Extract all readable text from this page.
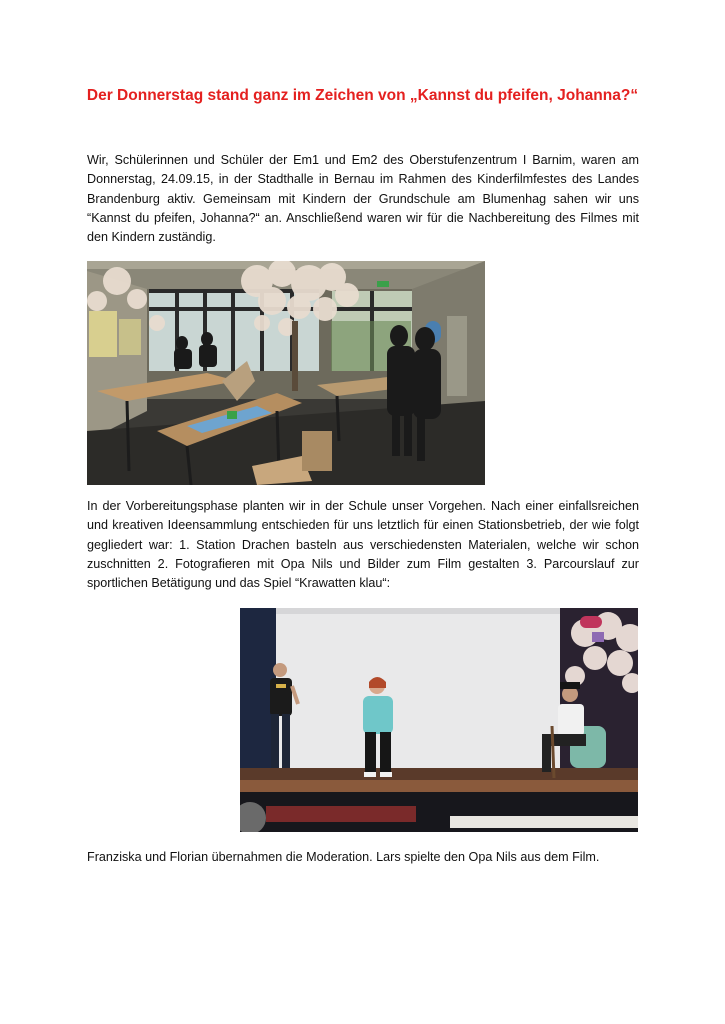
Der Donnerstag stand ganz im Zeichen von „Kannst du pfeifen, Johanna?“

Wir, Schülerinnen und Schüler der Em1 und Em2 des Oberstufenzentrum I Barnim, waren am Donnerstag, 24.09.15, in der Stadthalle in Bernau im Rahmen des Kinderfilmfestes des Landes Brandenburg aktiv. Gemeinsam mit Kindern der Grundschule am Blumenhag sahen wir uns “Kannst du pfeifen, Johanna?“ an. Anschließend waren wir für die Nachbereitung des Filmes mit den Kindern zuständig.

In der Vorbereitungsphase planten wir in der Schule unser Vorgehen. Nach einer einfallsreichen und kreativen Ideensammlung entschieden für uns letztlich für einen Stationsbetrieb, der wie folgt gegliedert war: 1. Station Drachen basteln aus verschiedensten Materialen, welche wir schon zuschnitten 2. Fotografieren mit Opa Nils und Bilder zum Film gestalten 3. Parcourslauf zur sportlichen Betätigung und das Spiel “Krawatten klau“:

Franziska und Florian übernahmen die Moderation. Lars spielte den Opa Nils aus dem Film.
